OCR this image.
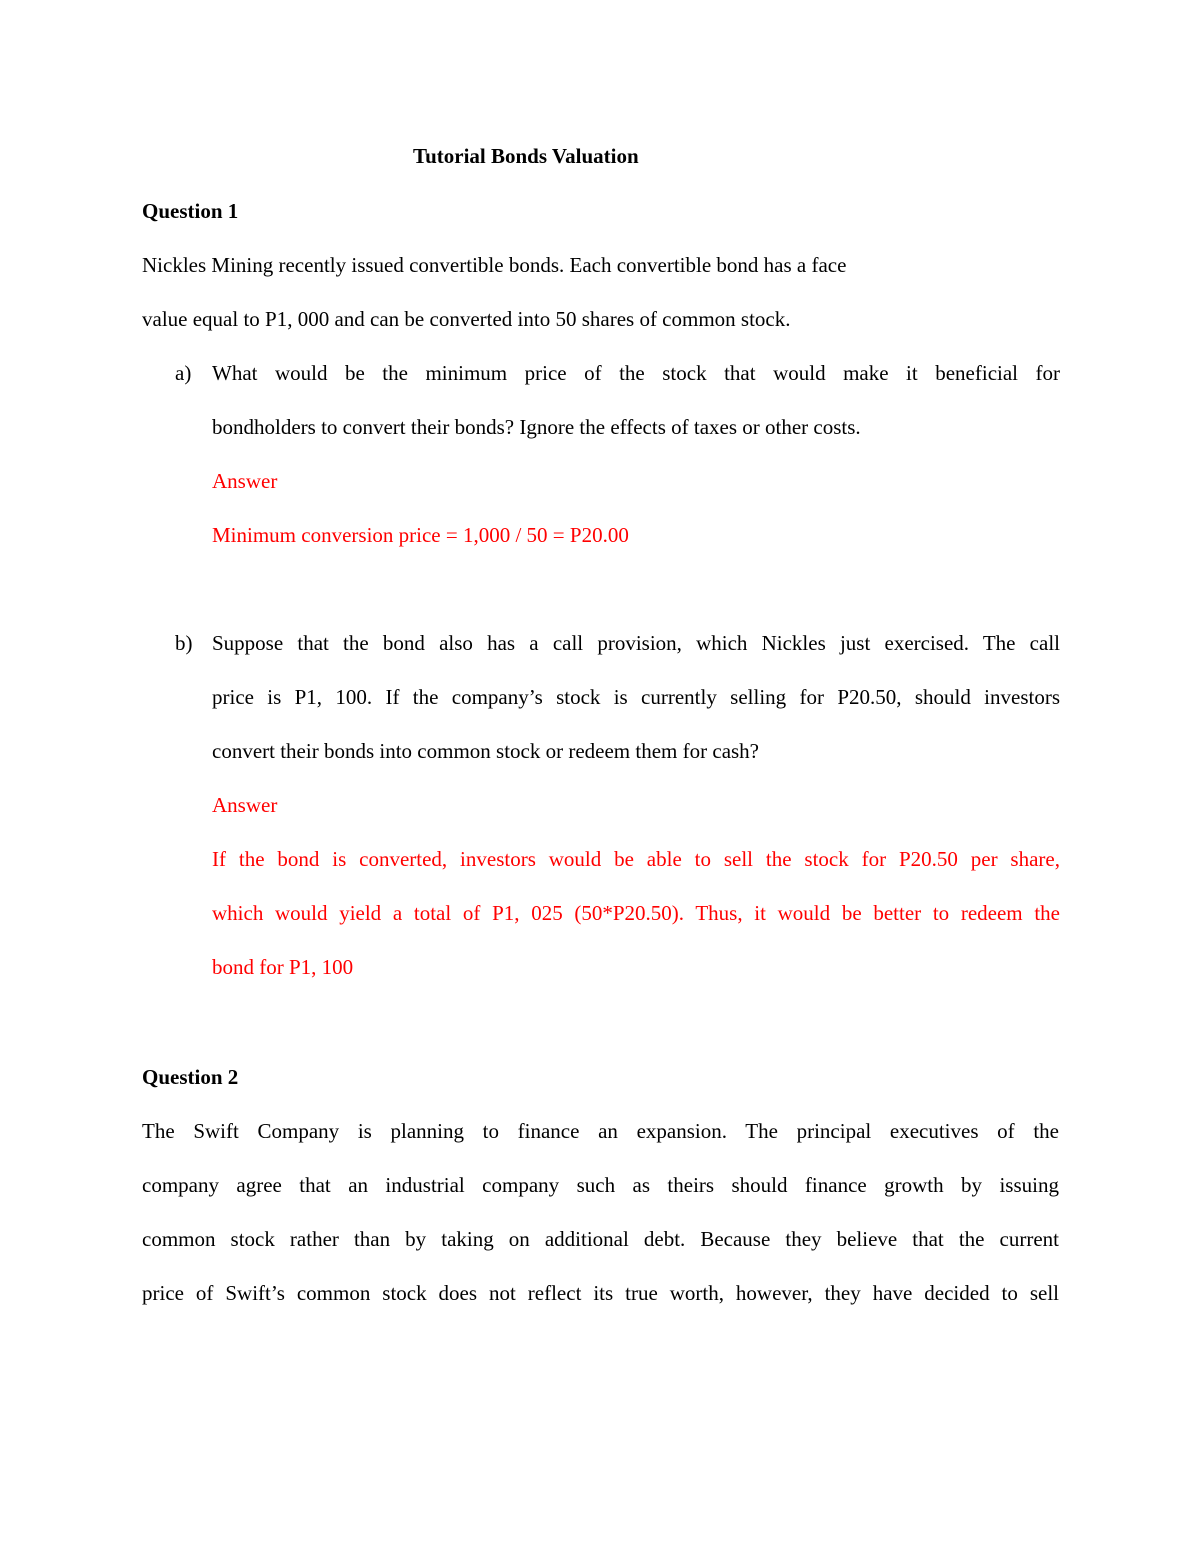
Tutorial Bonds Valuation
Question 1
Nickles Mining recently issued convertible bonds. Each convertible bond has a face
value equal to P1, 000 and can be converted into 50 shares of common stock.
a) What would be the minimum price of the stock that would make it beneficial for
bondholders to convert their bonds? Ignore the effects of taxes or other costs.
Answer
Minimum conversion price = 1,000 / 50 = P20.00
b) Suppose that the bond also has a call provision, which Nickles just exercised. The call
price is P1, 100. If the company’s stock is currently selling for P20.50, should investors
convert their bonds into common stock or redeem them for cash?
Answer
If the bond is converted, investors would be able to sell the stock for P20.50 per share,
which would yield a total of P1, 025 (50*P20.50). Thus, it would be better to redeem the
bond for P1, 100
Question 2
The Swift Company is planning to finance an expansion. The principal executives of the
company agree that an industrial company such as theirs should finance growth by issuing
common stock rather than by taking on additional debt. Because they believe that the current
price of Swift’s common stock does not reflect its true worth, however, they have decided to sell
